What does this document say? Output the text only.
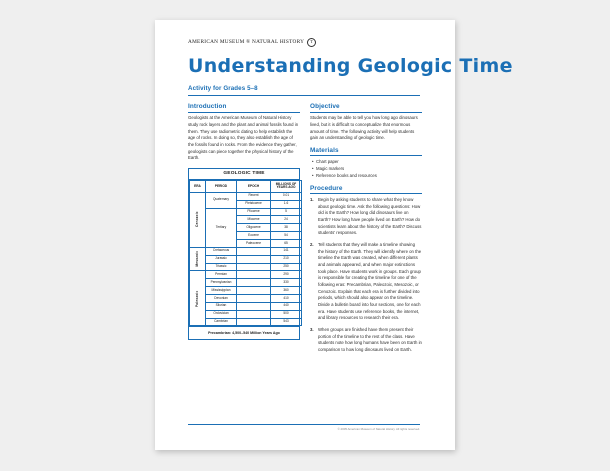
AMERICAN MUSEUM ® NATURAL HISTORY	T
Understanding Geologic Time
Activity for Grades 5–8
Introduction

Geologists at the American Museum of Natural History study rock layers and the plant and animal fossils found in them. They use radiometric dating to help establish the age of rocks. In doing so, they also establish the age of the fossils found in rocks. From the evidence they gather, geologists can piece together the physical history of the Earth.

GEOLOGIC TIME
ERA	PERIOD	EPOCH	MILLIONS OF YEARS AGO
Cenozoic	Quaternary	Recent	0.01
		Pleistocene	1.6
	Tertiary	Pliocene	5
		Miocene	24
		Oligocene	38
		Eocene	54
		Paleocene	65
Mesozoic	Cretaceous		141
	Jurassic		210
	Triassic		250
Paleozoic	Permian		290
	Pennsylvanian		330
	Mississippian		360
	Devonian		410
	Silurian		440
	Ordovician		500
	Cambrian		543
Precambrian: 4,500–540 Million Years Ago
Objective

Students may be able to tell you how long ago dinosaurs lived, but it is difficult to conceptualize that enormous amount of time. The following activity will help students gain an understanding of geologic time.

Materials
• Chart paper
• Magic markers
• Reference books and resources
Procedure
Begin by asking students to share what they know about geologic time. Ask the following questions: How old is the Earth? How long did dinosaurs live on Earth? How long have people lived on Earth? How do scientists learn about the history of the Earth? Discuss students' responses.
Tell students that they will make a timeline showing the history of the Earth. They will identify where on the timeline the Earth was created, when different plants and animals appeared, and when major extinctions took place. Have students work in groups. Each group is responsible for creating the timeline for one of the following eras: Precambrian, Paleozoic, Mesozoic, or Cenozoic. Explain that each era is further divided into periods, which should also appear on the timeline. Divide a bulletin board into four sections, one for each era. Have students use reference books, the internet, and library resources to research their era.
When groups are finished have them present their portion of the timeline to the rest of the class. Have students note how long humans have been on Earth in comparison to how long dinosaurs lived on Earth.
© 2005 American Museum of Natural History. All rights reserved.
